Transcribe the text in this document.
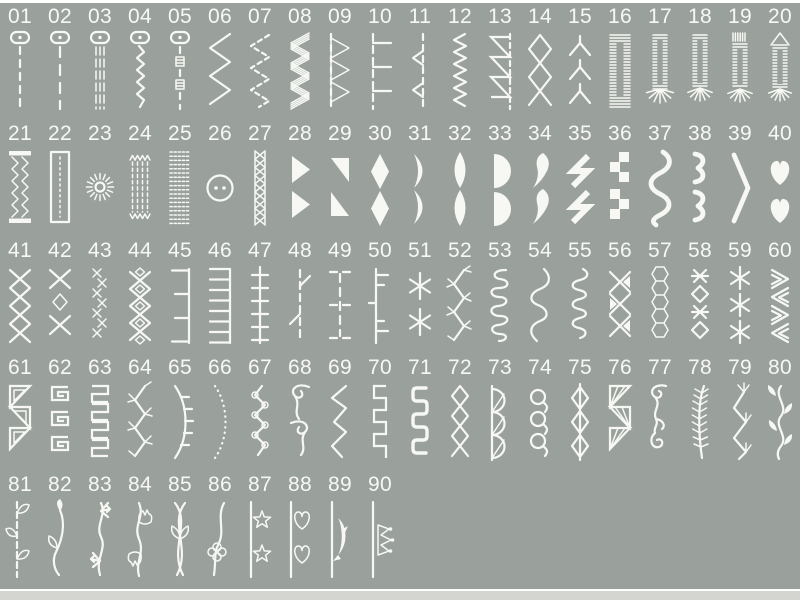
01 02 03 04 05 06 07 08 09 10 11 12 13 14 15 16 17 18 19 20
21 22 23 24 25 26 27 28 29 30 31 32 33 34 35 36 37 38 39 40
41 42 43 44 45 46 47 48 49 50 51 52 53 54 55 56 57 58 59 60
61 62 63 64 65 66 67 68 69 70 71 72 73 74 75 76 77 78 79 80
81 82 83 84 85 86 87 88 89 90
